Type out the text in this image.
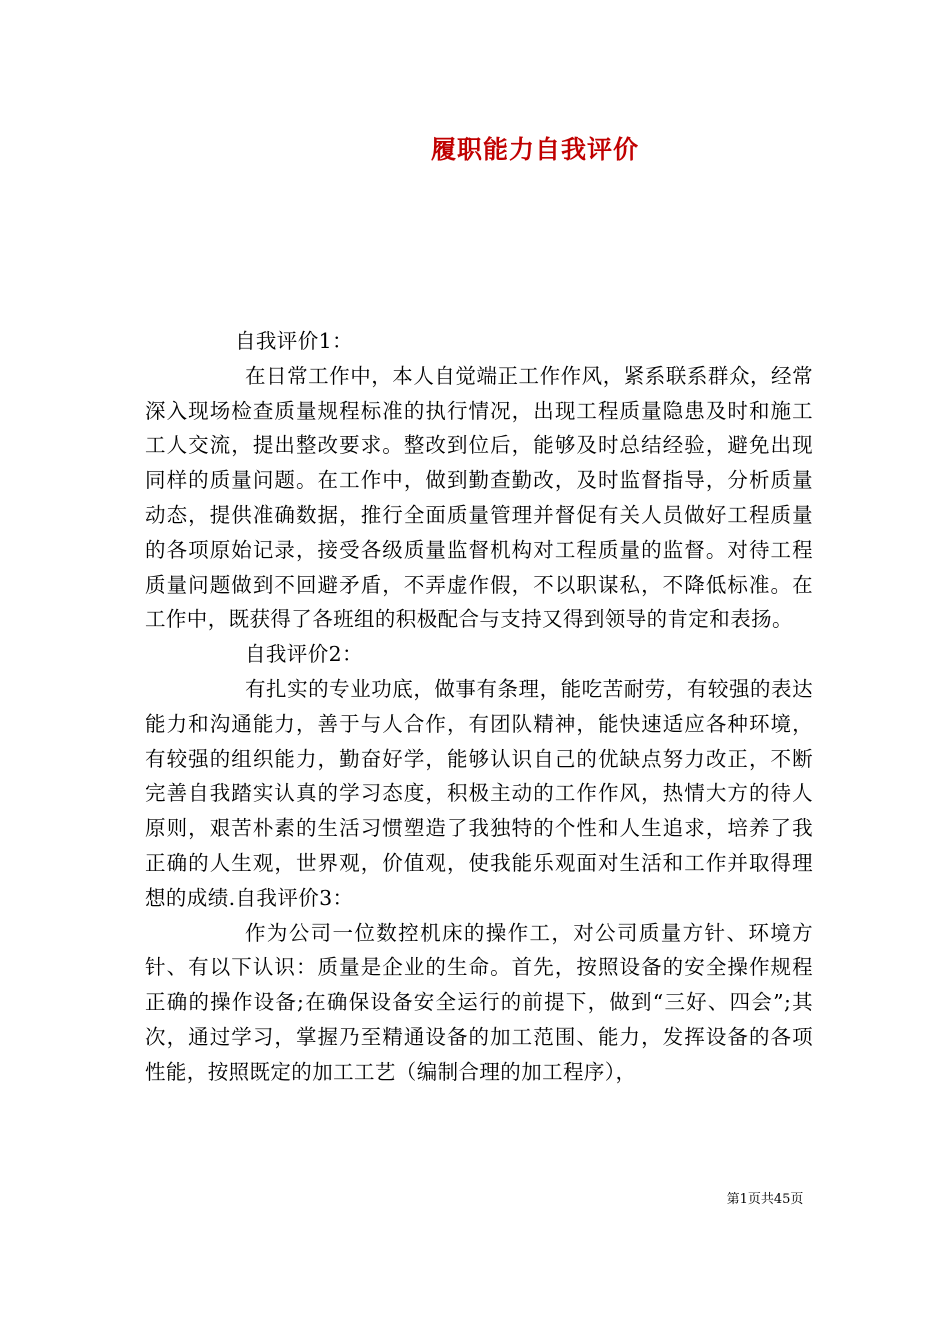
履职能力自我评价

自我评价1：

在日常工作中，本人自觉端正工作作风，紧系联系群众，经常深入现场检查质量规程标准的执行情况，出现工程质量隐患及时和施工工人交流，提出整改要求。整改到位后，能够及时总结经验，避免出现同样的质量问题。在工作中，做到勤查勤改，及时监督指导，分析质量动态，提供准确数据，推行全面质量管理并督促有关人员做好工程质量的各项原始记录，接受各级质量监督机构对工程质量的监督。对待工程质量问题做到不回避矛盾，不弄虚作假，不以职谋私，不降低标准。在工作中，既获得了各班组的积极配合与支持又得到领导的肯定和表扬。

自我评价2：

有扎实的专业功底，做事有条理，能吃苦耐劳，有较强的表达能力和沟通能力，善于与人合作，有团队精神，能快速适应各种环境，有较强的组织能力，勤奋好学，能够认识自己的优缺点努力改正，不断完善自我踏实认真的学习态度，积极主动的工作作风，热情大方的待人原则，艰苦朴素的生活习惯塑造了我独特的个性和人生追求，培养了我正确的人生观，世界观，价值观，使我能乐观面对生活和工作并取得理想的成绩.自我评价3：

作为公司一位数控机床的操作工，对公司质量方针、环境方针、有以下认识：质量是企业的生命。首先，按照设备的安全操作规程正确的操作设备;在确保设备安全运行的前提下，做到“三好、四会”;其次，通过学习，掌握乃至精通设备的加工范围、能力，发挥设备的各项性能，按照既定的加工工艺（编制合理的加工程序），

第1页共45页
